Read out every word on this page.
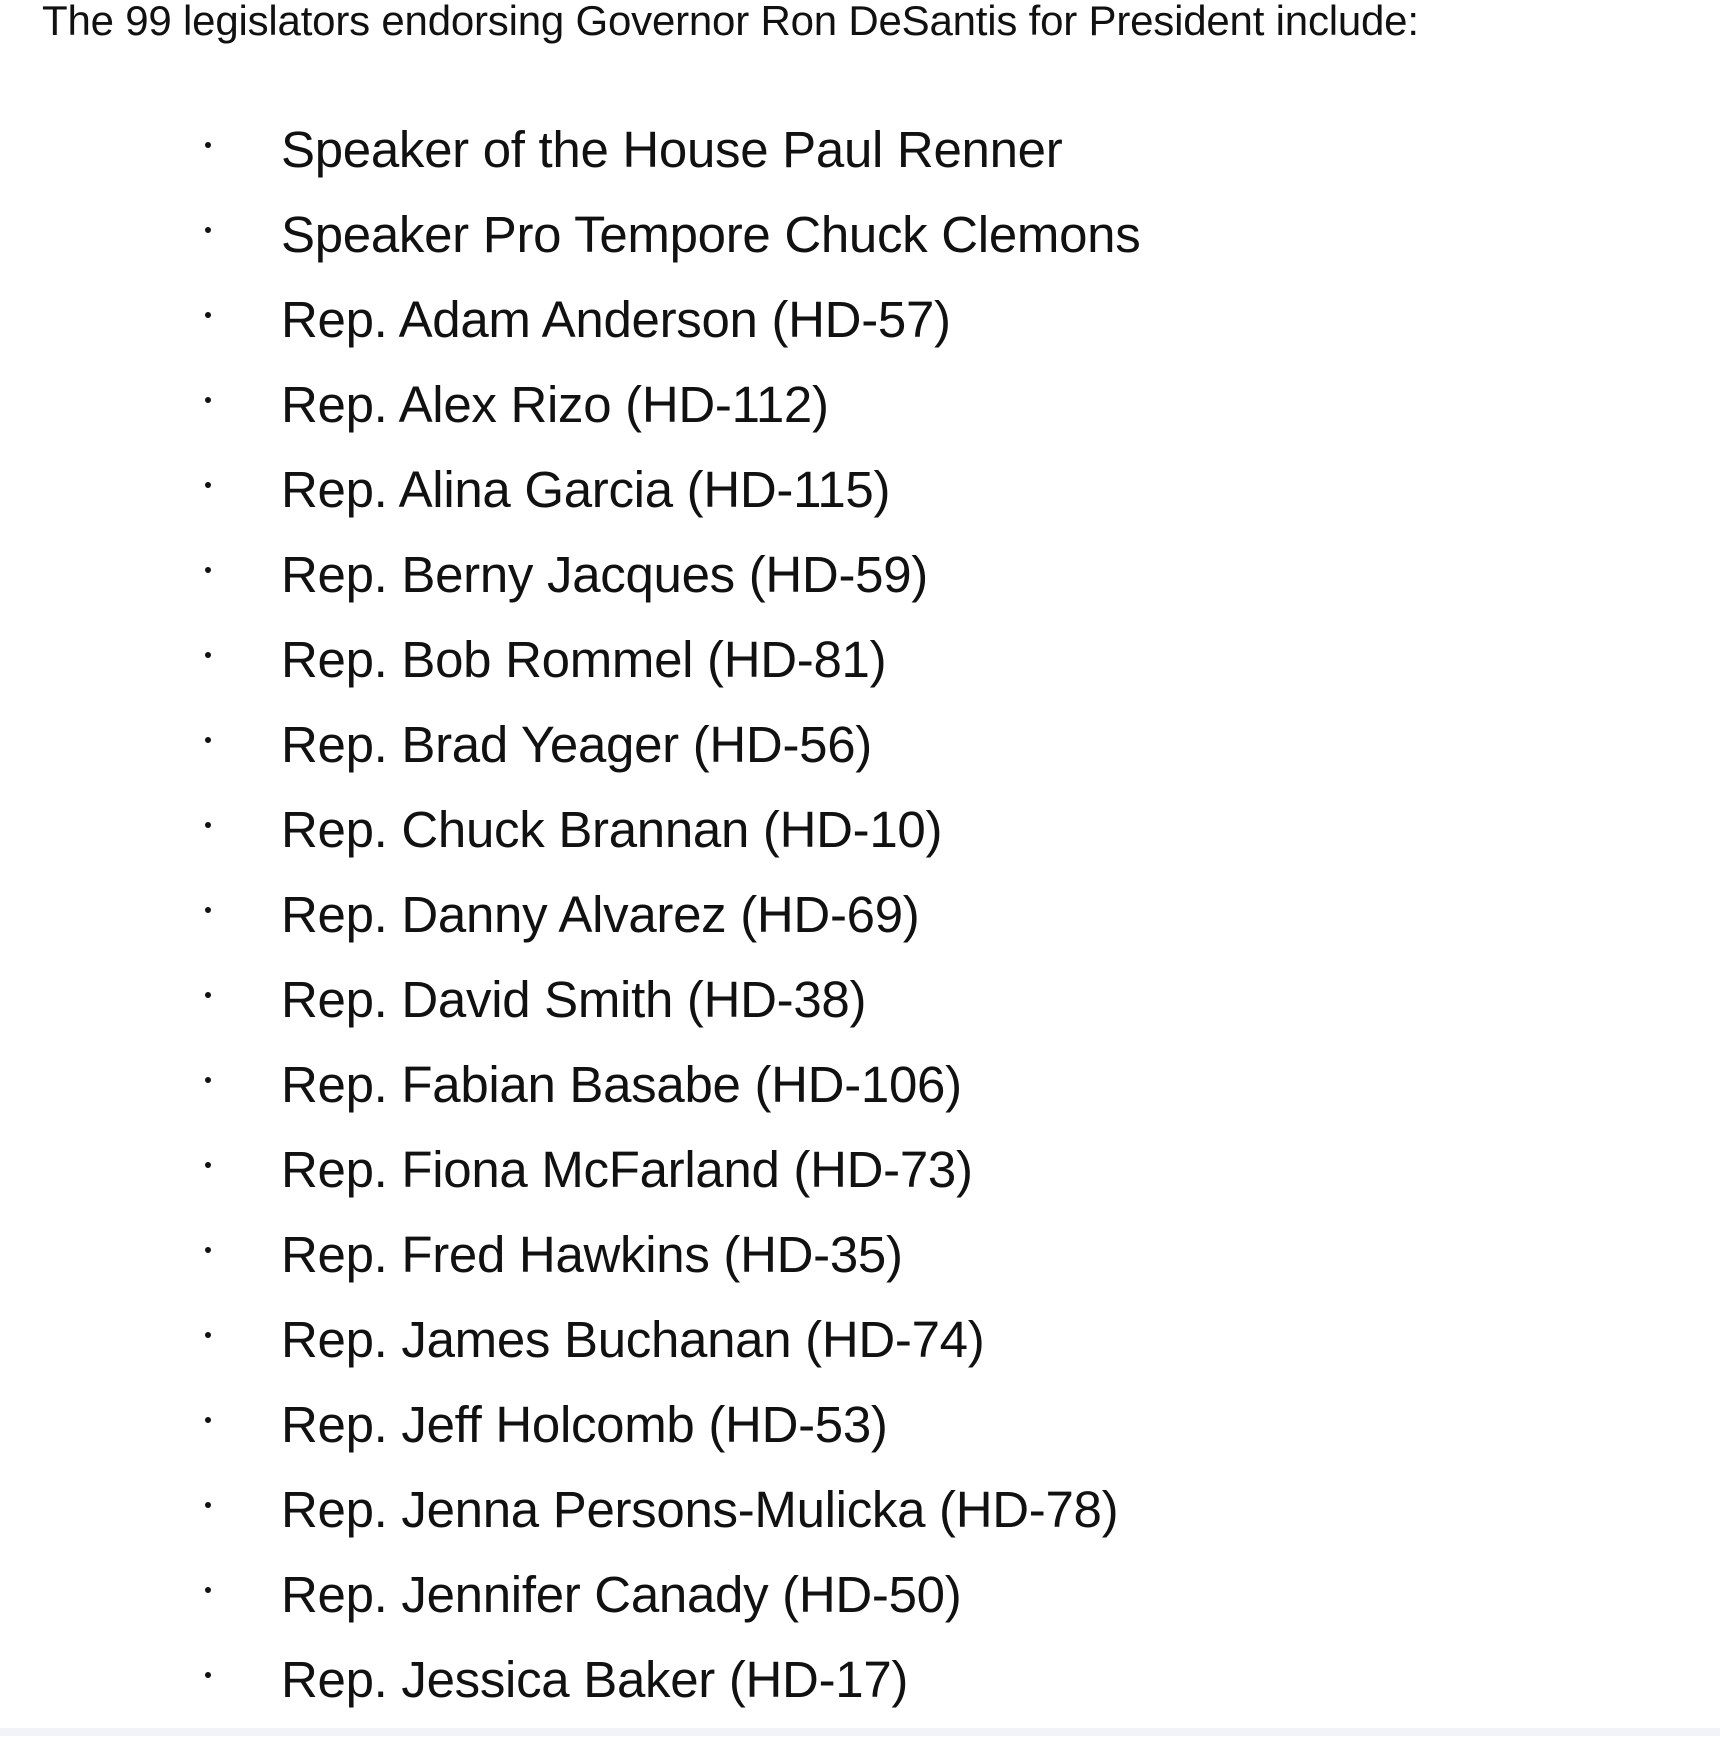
The 99 legislators endorsing Governor Ron DeSantis for President include:

Speaker of the House Paul Renner
Speaker Pro Tempore Chuck Clemons
Rep. Adam Anderson (HD-57)
Rep. Alex Rizo (HD-112)
Rep. Alina Garcia (HD-115)
Rep. Berny Jacques (HD-59)
Rep. Bob Rommel (HD-81)
Rep. Brad Yeager (HD-56)
Rep. Chuck Brannan (HD-10)
Rep. Danny Alvarez (HD-69)
Rep. David Smith (HD-38)
Rep. Fabian Basabe (HD-106)
Rep. Fiona McFarland (HD-73)
Rep. Fred Hawkins (HD-35)
Rep. James Buchanan (HD-74)
Rep. Jeff Holcomb (HD-53)
Rep. Jenna Persons-Mulicka (HD-78)
Rep. Jennifer Canady (HD-50)
Rep. Jessica Baker (HD-17)
